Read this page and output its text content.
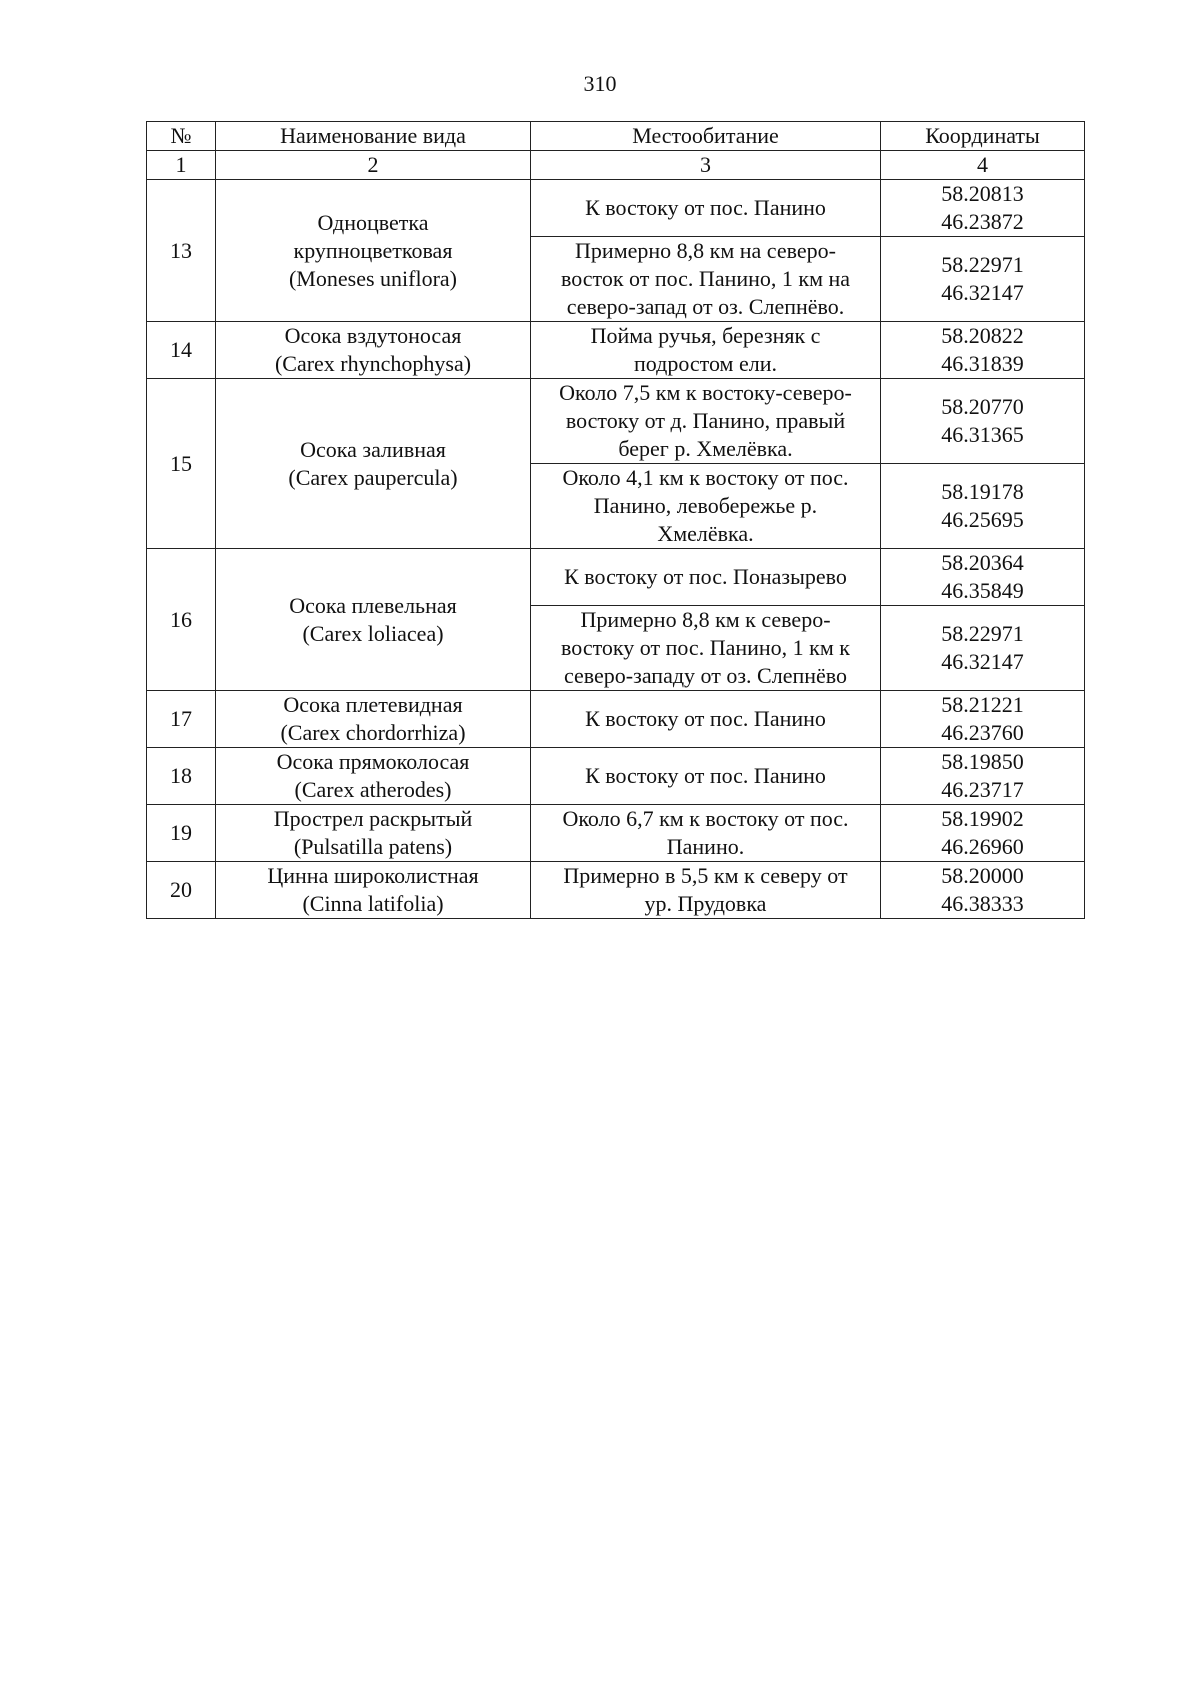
310
№	Наименование вида	Местообитание	Координаты
1	2	3	4
13	Одноцветка
крупноцветковая
(Moneses uniflora)	К востоку от пос. Панино	58.20813
46.23872

		Примерно 8,8 км на северо-
восток от пос. Панино, 1 км на
северо-запад от оз. Слепнёво.	58.22971
46.32147

14	Осока вздутоносая
(Carex rhynchophysa)	Пойма ручья, березняк с
подростом ели.	58.20822
46.31839

15	Осока заливная
(Carex paupercula)	Около 7,5 км к востоку-северо-
востоку от д. Панино, правый
берег р. Хмелёвка.	58.20770
46.31365

		Около 4,1 км к востоку от пос.
Панино, левобережье р.
Хмелёвка.	58.19178
46.25695

16	Осока плевельная
(Carex loliacea)	К востоку от пос. Поназырево	58.20364
46.35849

		Примерно 8,8 км к северо-
востоку от пос. Панино, 1 км к
северо-западу от оз. Слепнёво	58.22971
46.32147

17	Осока плетевидная
(Carex chordorrhiza)	К востоку от пос. Панино	58.21221
46.23760

18	Осока прямоколосая
(Carex atherodes)	К востоку от пос. Панино	58.19850
46.23717

19	Прострел раскрытый
(Pulsatilla patens)	Около 6,7 км к востоку от пос.
Панино.	58.19902
46.26960

20	Цинна широколистная
(Cinna latifolia)	Примерно в 5,5 км к северу от
ур. Прудовка	58.20000
46.38333
